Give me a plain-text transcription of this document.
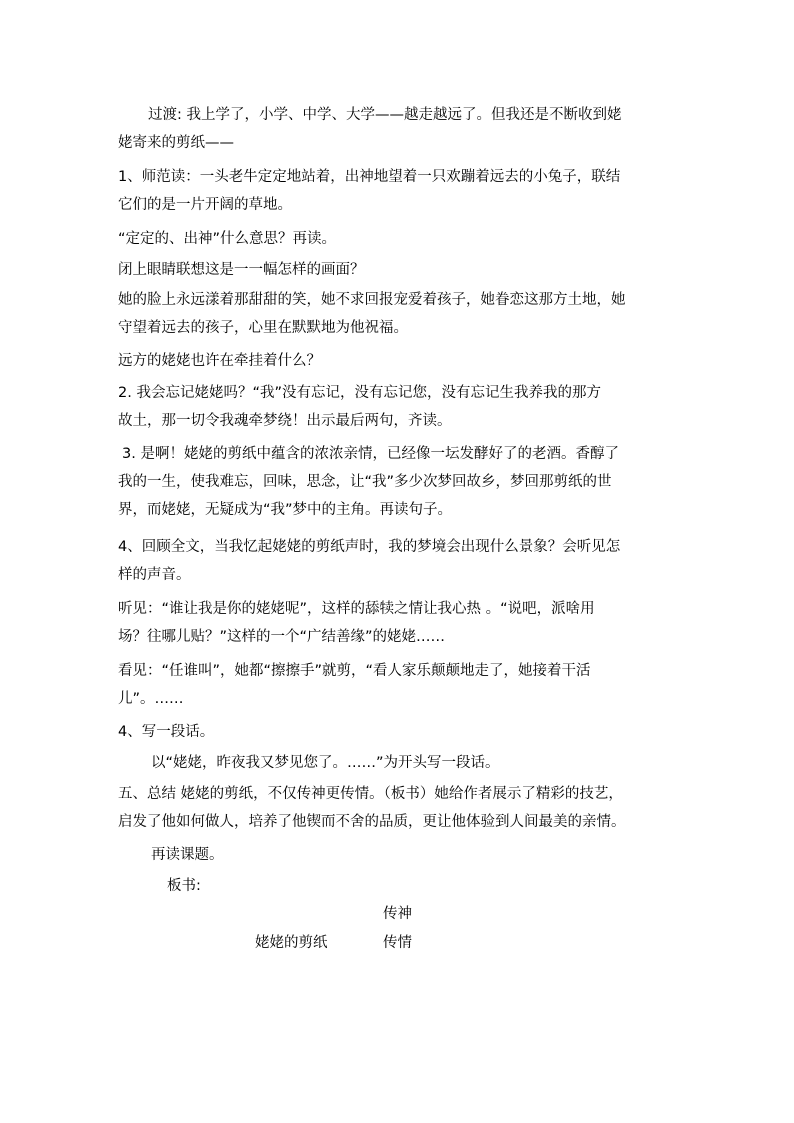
过渡: 我上学了，小学、中学、大学——越走越远了。但我还是不断收到姥
姥寄来的剪纸——
1、师范读：一头老牛定定地站着，出神地望着一只欢蹦着远去的小兔子，联结
它们的是一片开阔的草地。
“定定的、出神”什么意思？再读。
闭上眼睛联想这是一一幅怎样的画面？
她的脸上永远漾着那甜甜的笑，她不求回报宠爱着孩子，她眷恋这那方土地，她
守望着远去的孩子，心里在默默地为他祝福。
远方的姥姥也许在牵挂着什么？
2. 我会忘记姥姥吗？“我”没有忘记，没有忘记您，没有忘记生我养我的那方
故土，那一切令我魂牵梦绕！出示最后两句，齐读。
3. 是啊！姥姥的剪纸中蕴含的浓浓亲情，已经像一坛发酵好了的老酒。香醇了
我的一生，使我难忘，回味，思念，让“我”多少次梦回故乡，梦回那剪纸的世
界，而姥姥，无疑成为“我”梦中的主角。再读句子。
4、回顾全文，当我忆起姥姥的剪纸声时，我的梦境会出现什么景象？会听见怎
样的声音。
听见：“谁让我是你的姥姥呢”，这样的舔犊之情让我心热 。“说吧，派啥用
场？往哪儿贴？”这样的一个“广结善缘”的姥姥……
看见：“任谁叫”，她都“擦擦手”就剪，“看人家乐颠颠地走了，她接着干活
儿”。……
4、写一段话。
以“姥姥，昨夜我又梦见您了。……”为开头写一段话。
五、总结 姥姥的剪纸，不仅传神更传情。（板书）她给作者展示了精彩的技艺，
启发了他如何做人，培养了他锲而不舍的品质，更让他体验到人间最美的亲情。
再读课题。
板书:
传神
姥姥的剪纸	传情
